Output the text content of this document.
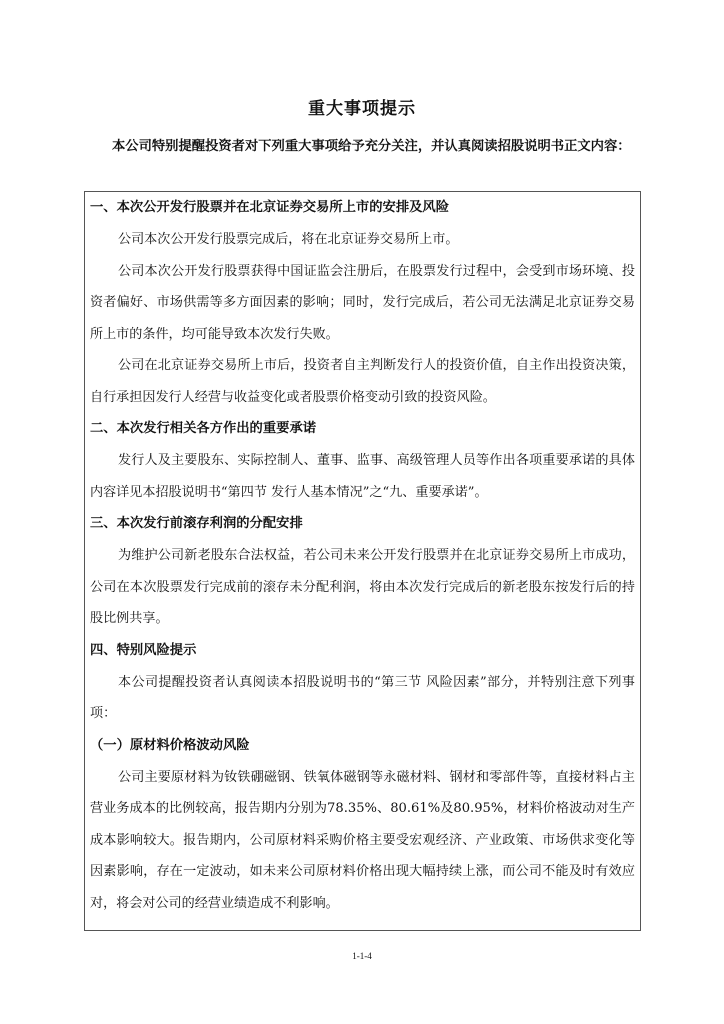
重大事项提示

本公司特别提醒投资者对下列重大事项给予充分关注，并认真阅读招股说明书正文内容：

一、本次公开发行股票并在北京证券交易所上市的安排及风险

公司本次公开发行股票完成后，将在北京证券交易所上市。

公司本次公开发行股票获得中国证监会注册后，在股票发行过程中，会受到市场环境、投资者偏好、市场供需等多方面因素的影响；同时，发行完成后，若公司无法满足北京证券交易所上市的条件，均可能导致本次发行失败。

公司在北京证券交易所上市后，投资者自主判断发行人的投资价值，自主作出投资决策，自行承担因发行人经营与收益变化或者股票价格变动引致的投资风险。

二、本次发行相关各方作出的重要承诺

发行人及主要股东、实际控制人、董事、监事、高级管理人员等作出各项重要承诺的具体内容详见本招股说明书“第四节 发行人基本情况”之“九、重要承诺”。

三、本次发行前滚存利润的分配安排

为维护公司新老股东合法权益，若公司未来公开发行股票并在北京证券交易所上市成功，公司在本次股票发行完成前的滚存未分配利润，将由本次发行完成后的新老股东按发行后的持股比例共享。

四、特别风险提示

本公司提醒投资者认真阅读本招股说明书的“第三节 风险因素”部分，并特别注意下列事项：

（一）原材料价格波动风险

公司主要原材料为钕铁硼磁钢、铁氧体磁钢等永磁材料、钢材和零部件等，直接材料占主营业务成本的比例较高，报告期内分别为78.35%、80.61%及80.95%，材料价格波动对生产成本影响较大。报告期内，公司原材料采购价格主要受宏观经济、产业政策、市场供求变化等因素影响，存在一定波动，如未来公司原材料价格出现大幅持续上涨，而公司不能及时有效应对，将会对公司的经营业绩造成不利影响。

1-1-4
